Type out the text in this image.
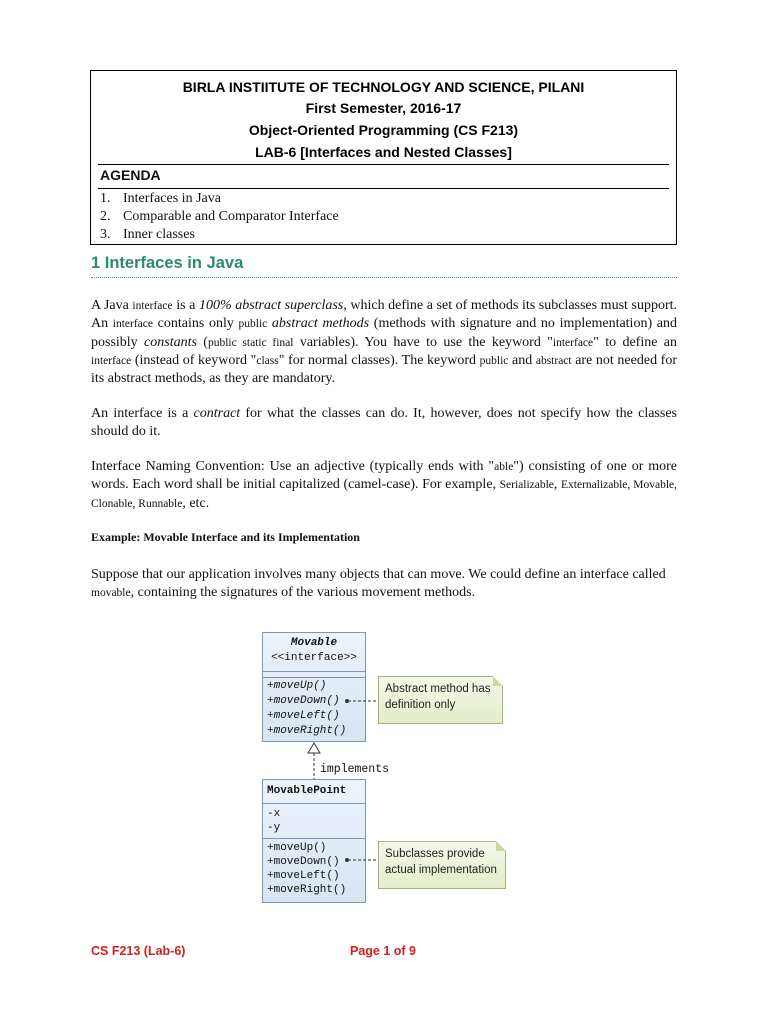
BIRLA INSTIITUTE OF TECHNOLOGY AND SCIENCE, PILANI
First Semester, 2016-17
Object-Oriented Programming (CS F213)
LAB-6 [Interfaces and Nested Classes]
AGENDA
1. Interfaces in Java
2. Comparable and Comparator Interface
3. Inner classes
1 Interfaces in Java
A Java interface is a 100% abstract superclass, which define a set of methods its subclasses must support. An interface contains only public abstract methods (methods with signature and no implementation) and possibly constants (public static final variables). You have to use the keyword "interface" to define an interface (instead of keyword "class" for normal classes). The keyword public and abstract are not needed for its abstract methods, as they are mandatory.
An interface is a contract for what the classes can do. It, however, does not specify how the classes should do it.
Interface Naming Convention: Use an adjective (typically ends with "able") consisting of one or more words. Each word shall be initial capitalized (camel-case). For example, Serializable, Externalizable, Movable, Clonable, Runnable, etc.
Example: Movable Interface and its Implementation
Suppose that our application involves many objects that can move. We could define an interface called movable, containing the signatures of the various movement methods.
Movable
<<interface>>
+moveUp()
+moveDown()
+moveLeft()
+moveRight()
Abstract method has definition only
MovablePoint
-x
-y
+moveUp()
+moveDown()
+moveLeft()
+moveRight()
Subclasses provide actual implementation
implements
CS F213 (Lab-6)	Page 1 of 9
